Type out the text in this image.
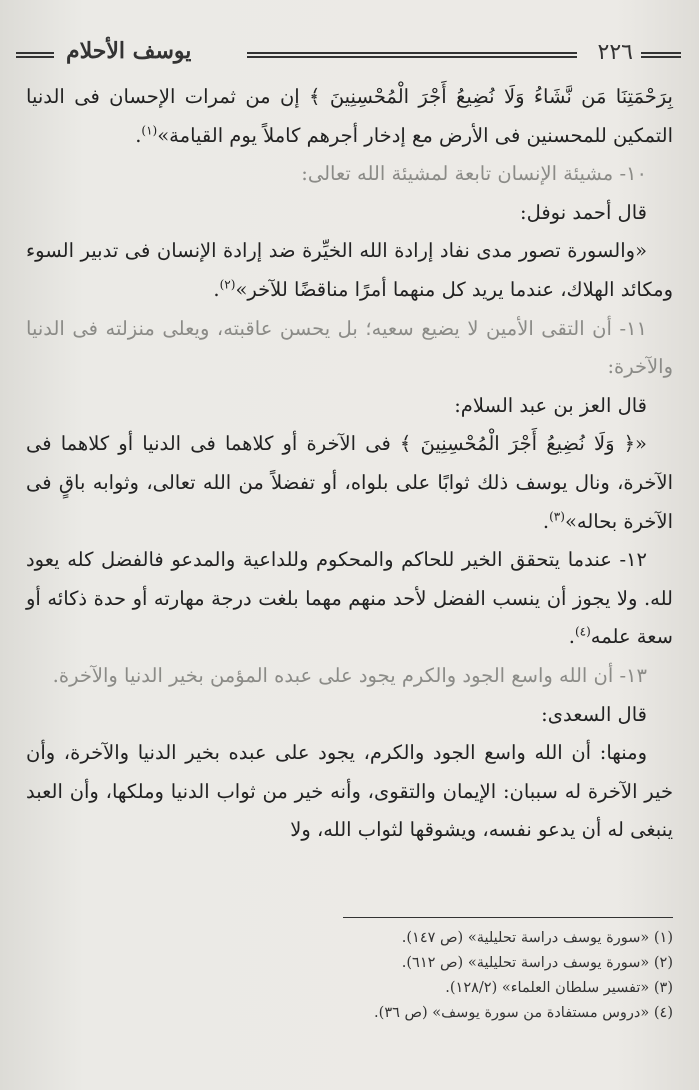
٢٢٦
يوسف الأحلام

بِرَحْمَتِنَا مَن نَّشَاءُ وَلَا نُضِيعُ أَجْرَ الْمُحْسِنِينَ ﴾ إن من ثمرات الإحسان فى الدنيا التمكين للمحسنين فى الأرض مع إدخار أجرهم كاملاً يوم القيامة»$^{(١)}$.

١٠- مشيئة الإنسان تابعة لمشيئة الله تعالى:

قال أحمد نوفل:

«والسورة تصور مدى نفاد إرادة الله الخيِّرة ضد إرادة الإنسان فى تدبير السوء ومكائد الهلاك، عندما يريد كل منهما أمرًا مناقضًا للآخر»$^{(٢)}$.

١١- أن التقى الأمين لا يضيع سعيه؛ بل يحسن عاقبته، ويعلى منزلته فى الدنيا والآخرة:

قال العز بن عبد السلام:

«﴿ وَلَا نُضِيعُ أَجْرَ الْمُحْسِنِينَ ﴾ فى الآخرة أو كلاهما فى الدنيا أو كلاهما فى الآخرة، ونال يوسف ذلك ثوابًا على بلواه، أو تفضلاً من الله تعالى، وثوابه باقٍ فى الآخرة بحاله»$^{(٣)}$.

١٢- عندما يتحقق الخير للحاكم والمحكوم وللداعية والمدعو فالفضل كله يعود لله. ولا يجوز أن ينسب الفضل لأحد منهم مهما بلغت درجة مهارته أو حدة ذكائه أو سعة علمه$^{(٤)}$.

١٣- أن الله واسع الجود والكرم يجود على عبده المؤمن بخير الدنيا والآخرة.

قال السعدى:

ومنها: أن الله واسع الجود والكرم، يجود على عبده بخير الدنيا والآخرة، وأن خير الآخرة له سببان: الإيمان والتقوى، وأنه خير من ثواب الدنيا وملكها، وأن العبد ينبغى له أن يدعو نفسه، ويشوقها لثواب الله، ولا

(١) «سورة يوسف دراسة تحليلية» (ص ١٤٧).
(٢) «سورة يوسف دراسة تحليلية» (ص ٦١٢).
(٣) «تفسير سلطان العلماء» (١٢٨/٢).
(٤) «دروس مستفادة من سورة يوسف» (ص ٣٦).
